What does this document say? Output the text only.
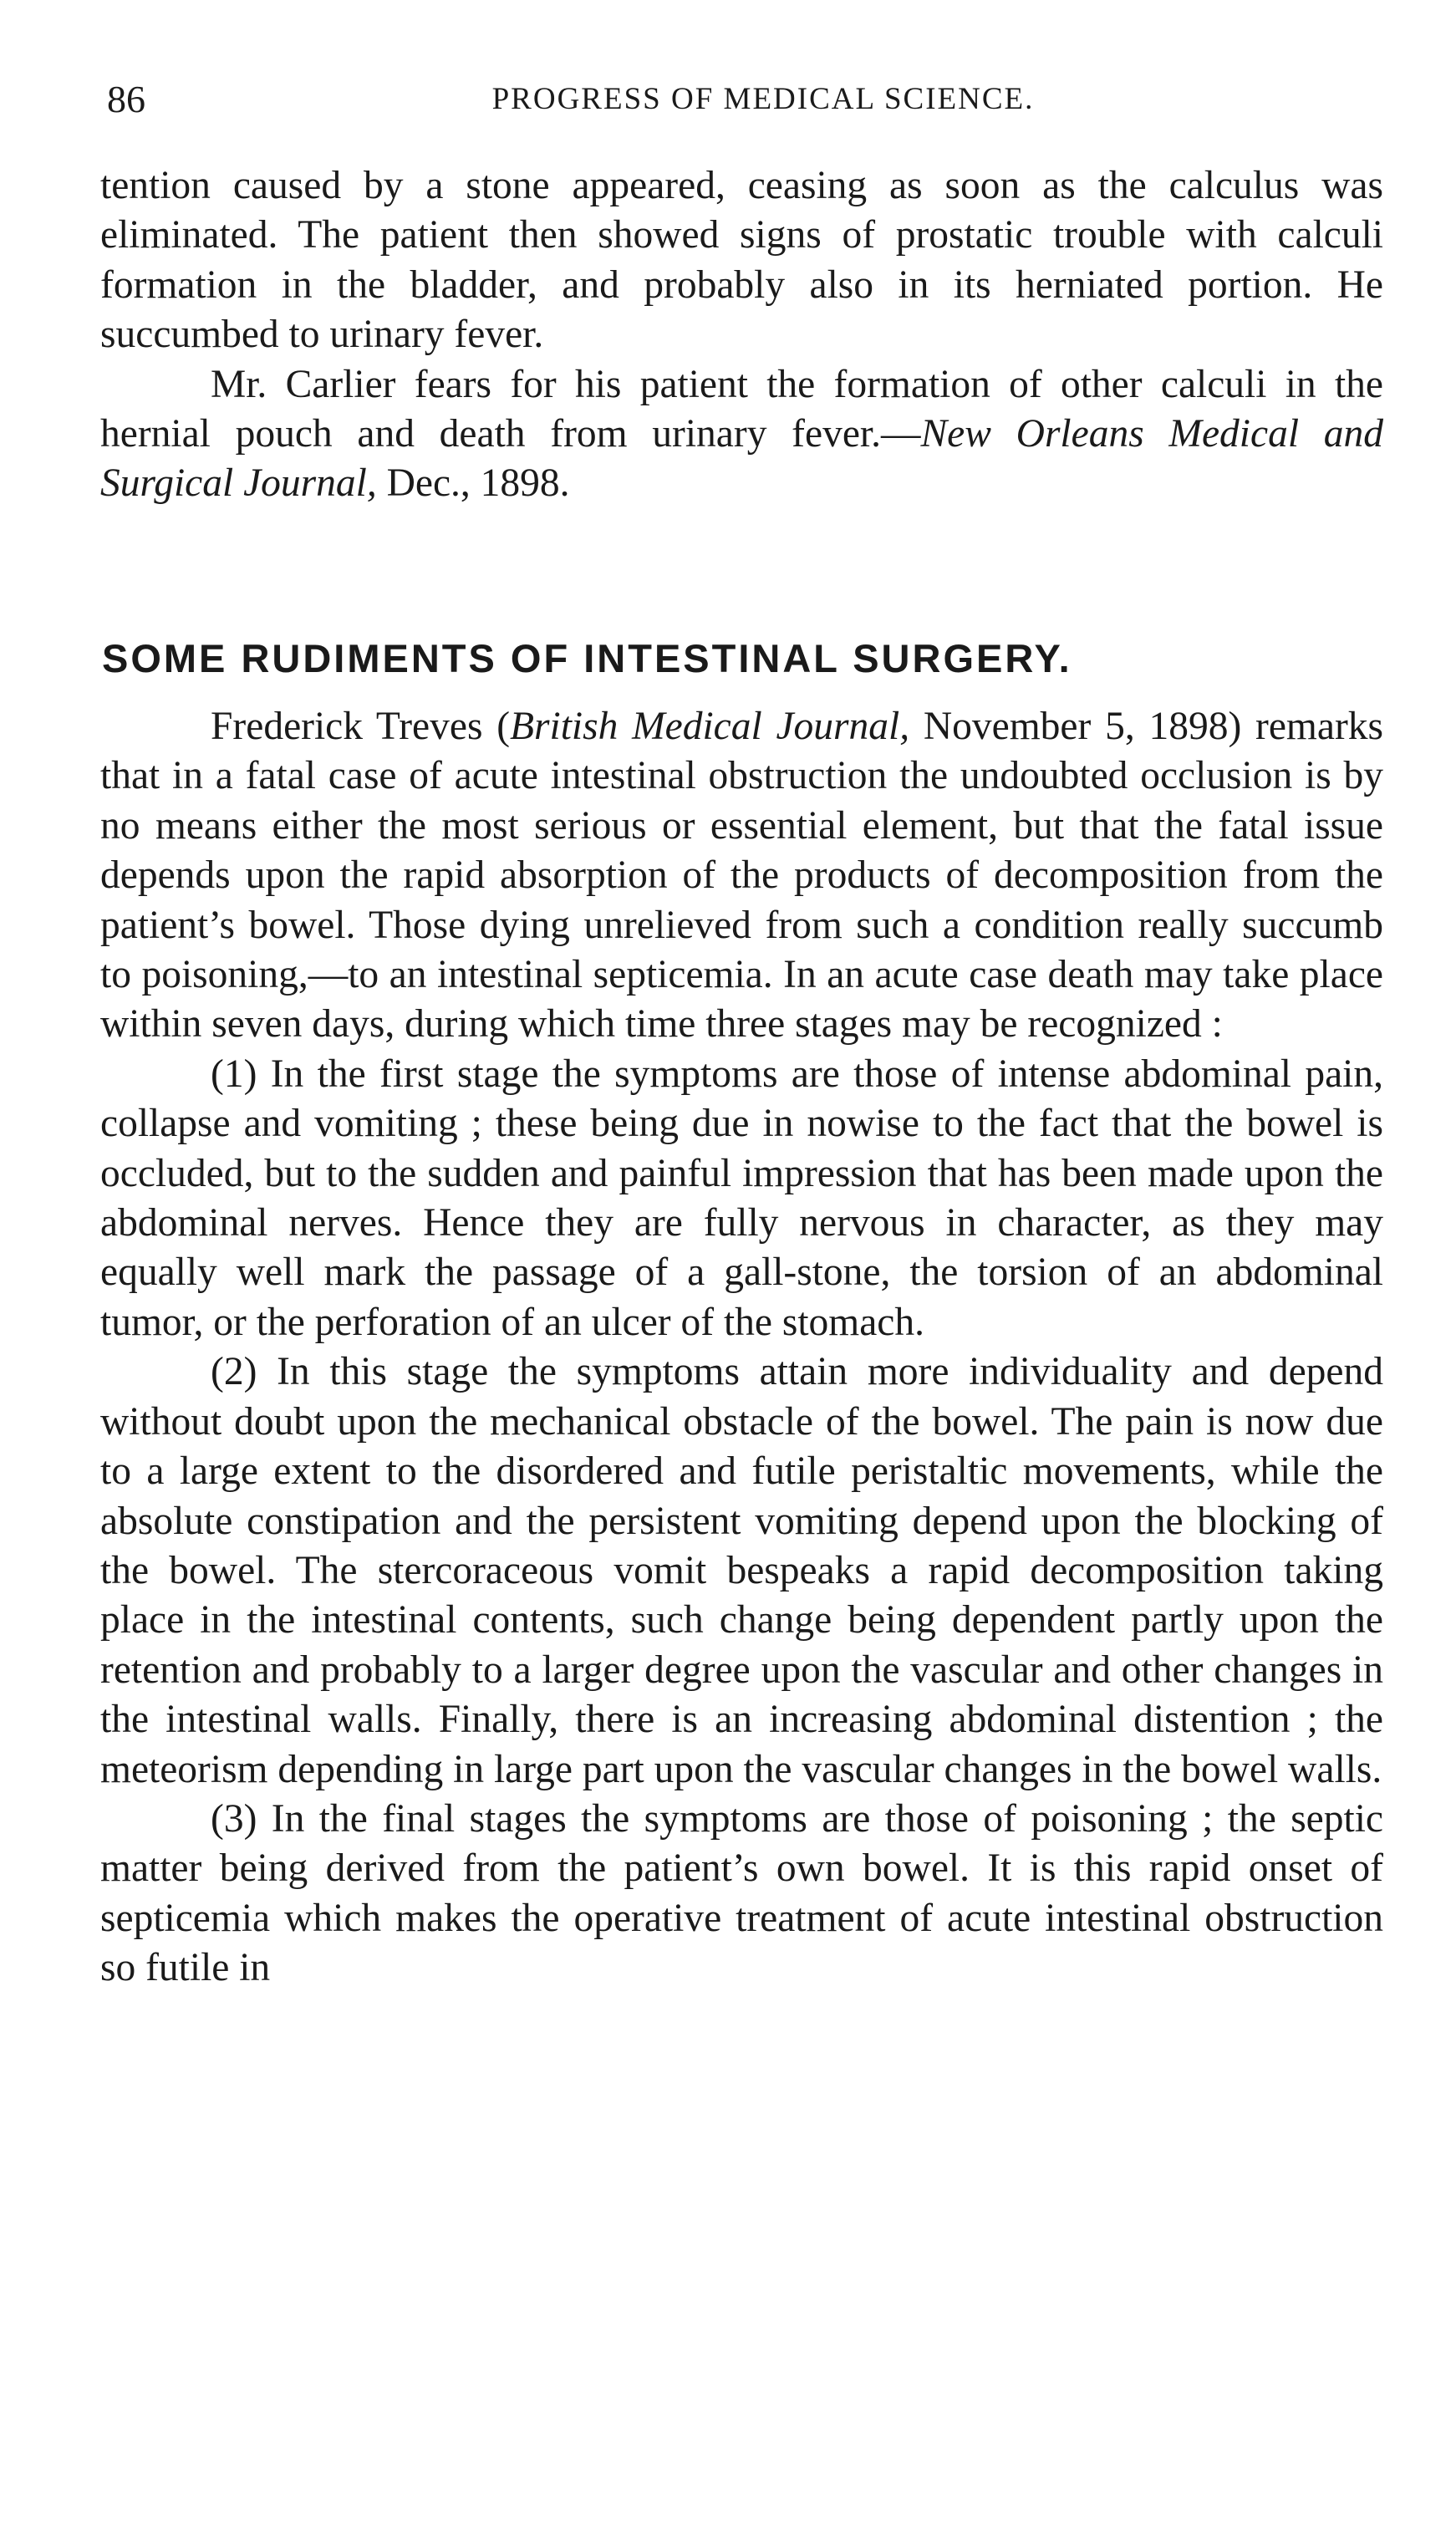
86	PROGRESS OF MEDICAL SCIENCE.

tention caused by a stone appeared, ceasing as soon as the calculus was eliminated. The patient then showed signs of prostatic trouble with calculi formation in the bladder, and probably also in its herniated portion. He succumbed to urinary fever.

Mr. Carlier fears for his patient the formation of other calculi in the hernial pouch and death from urinary fever.—New Orleans Medical and Surgical Journal, Dec., 1898.

SOME RUDIMENTS OF INTESTINAL SURGERY.

Frederick Treves (British Medical Journal, November 5, 1898) remarks that in a fatal case of acute intestinal obstruction the undoubted occlusion is by no means either the most serious or essential element, but that the fatal issue depends upon the rapid absorption of the products of decomposition from the patient’s bowel. Those dying unrelieved from such a condition really succumb to poisoning,—to an intestinal septicemia. In an acute case death may take place within seven days, during which time three stages may be recognized :

(1) In the first stage the symptoms are those of intense abdominal pain, collapse and vomiting ; these being due in nowise to the fact that the bowel is occluded, but to the sudden and painful impression that has been made upon the abdominal nerves. Hence they are fully nervous in character, as they may equally well mark the passage of a gall-stone, the torsion of an abdominal tumor, or the perforation of an ulcer of the stomach.

(2) In this stage the symptoms attain more individuality and depend without doubt upon the mechanical obstacle of the bowel. The pain is now due to a large extent to the disordered and futile peristaltic movements, while the absolute constipation and the persistent vomiting depend upon the blocking of the bowel. The stercoraceous vomit bespeaks a rapid decomposition taking place in the intestinal contents, such change being dependent partly upon the retention and probably to a larger degree upon the vascular and other changes in the intestinal walls. Finally, there is an increasing abdominal distention ; the meteorism depending in large part upon the vascular changes in the bowel walls.

(3) In the final stages the symptoms are those of poisoning ; the septic matter being derived from the patient’s own bowel. It is this rapid onset of septicemia which makes the operative treatment of acute intestinal obstruction so futile in
